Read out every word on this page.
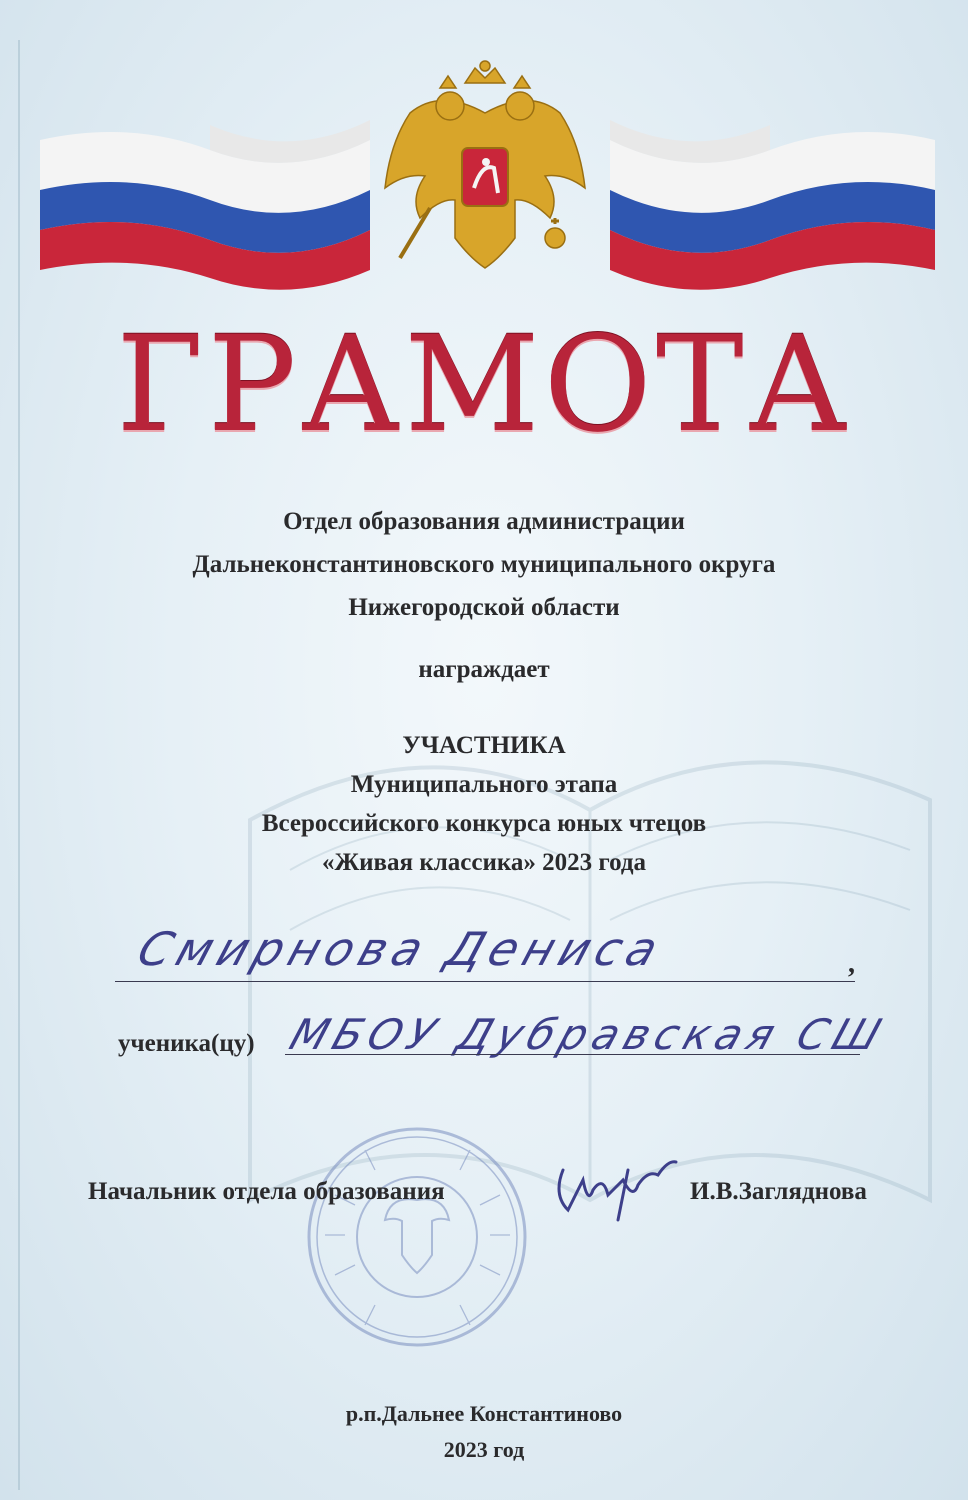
ГРАМОТА
Отдел образования администрации
Дальнеконстантиновского муниципального округа
Нижегородской области
награждает
УЧАСТНИКА
Муниципального этапа
Всероссийского конкурса юных чтецов
«Живая классика» 2023 года
Смирнова Дениса	,
ученика(цу) МБОУ Дубравская СШ
Начальник отдела образования	И.В.Загляднова
р.п.Дальнее Константиново
2023 год
